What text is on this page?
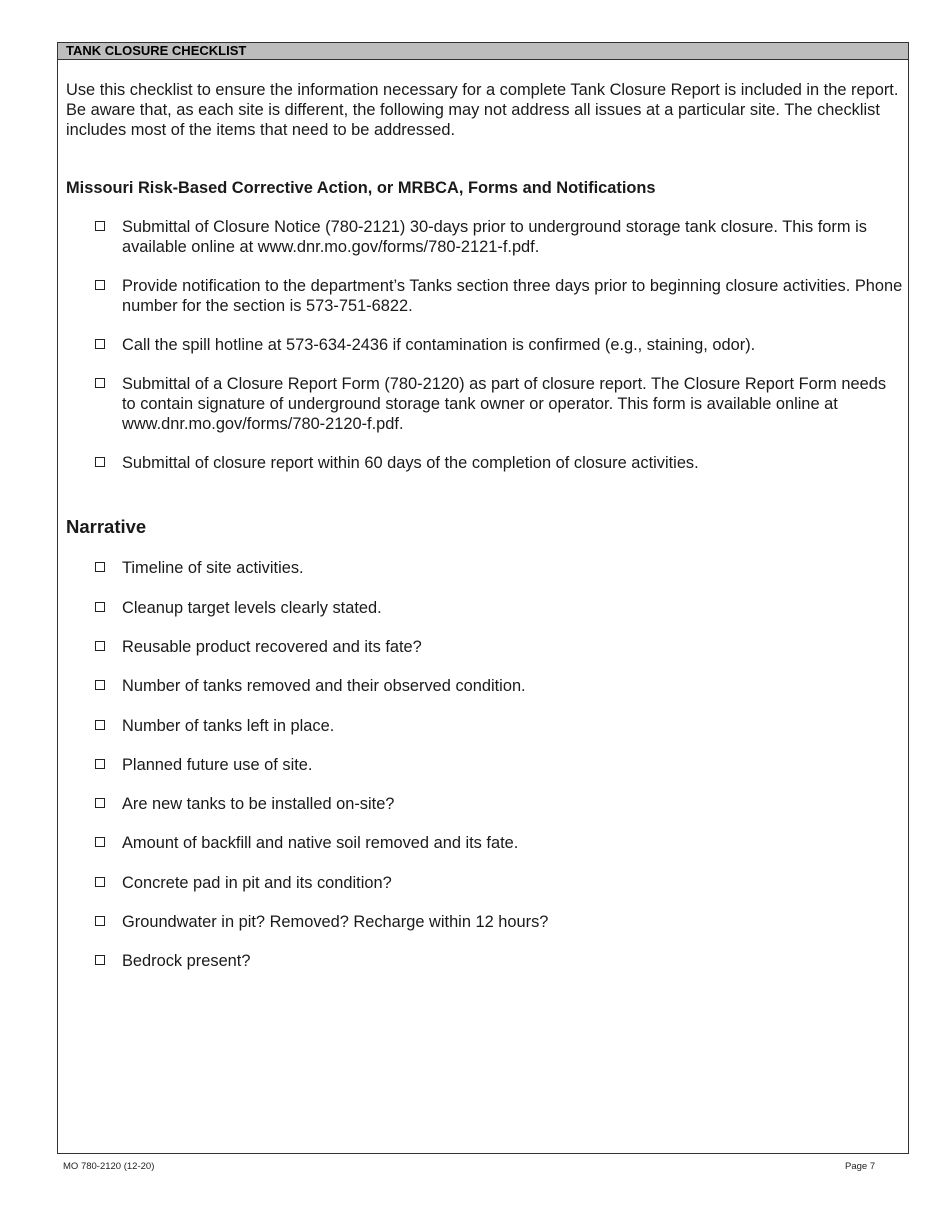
TANK CLOSURE CHECKLIST

Use this checklist to ensure the information necessary for a complete Tank Closure Report is included in the report. Be aware that, as each site is different, the following may not address all issues at a particular site. The checklist includes most of the items that need to be addressed.

Missouri Risk-Based Corrective Action, or MRBCA, Forms and Notifications
Submittal of Closure Notice (780-2121) 30-days prior to underground storage tank closure. This form is available online at www.dnr.mo.gov/forms/780-2121-f.pdf.
Provide notification to the department’s Tanks section three days prior to beginning closure activities. Phone number for the section is 573-751-6822.
Call the spill hotline at 573-634-2436 if contamination is confirmed (e.g., staining, odor).
Submittal of a Closure Report Form (780-2120) as part of closure report. The Closure Report Form needs to contain signature of underground storage tank owner or operator. This form is available online at www.dnr.mo.gov/forms/780-2120-f.pdf.
Submittal of closure report within 60 days of the completion of closure activities.
Narrative
Timeline of site activities.
Cleanup target levels clearly stated.
Reusable product recovered and its fate?
Number of tanks removed and their observed condition.
Number of tanks left in place.
Planned future use of site.
Are new tanks to be installed on-site?
Amount of backfill and native soil removed and its fate.
Concrete pad in pit and its condition?
Groundwater in pit? Removed? Recharge within 12 hours?
Bedrock present?
MO 780-2120 (12-20)	Page 7
